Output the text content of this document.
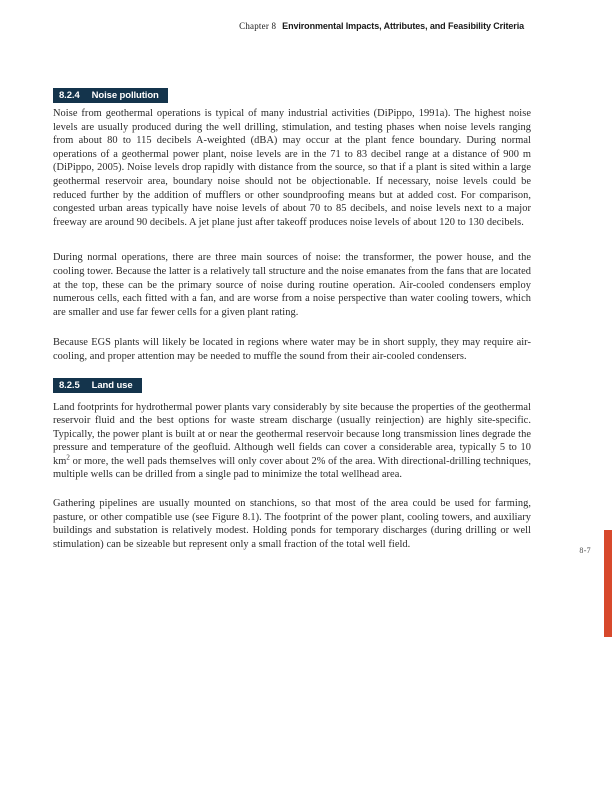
Chapter 8 Environmental Impacts, Attributes, and Feasibility Criteria
8.2.4 Noise pollution

Noise from geothermal operations is typical of many industrial activities (DiPippo, 1991a). The highest noise levels are usually produced during the well drilling, stimulation, and testing phases when noise levels ranging from about 80 to 115 decibels A-weighted (dBA) may occur at the plant fence boundary. During normal operations of a geothermal power plant, noise levels are in the 71 to 83 decibel range at a distance of 900 m (DiPippo, 2005). Noise levels drop rapidly with distance from the source, so that if a plant is sited within a large geothermal reservoir area, boundary noise should not be objectionable. If necessary, noise levels could be reduced further by the addition of mufflers or other soundproofing means but at added cost. For comparison, congested urban areas typically have noise levels of about 70 to 85 decibels, and noise levels next to a major freeway are around 90 decibels. A jet plane just after takeoff produces noise levels of about 120 to 130 decibels.

During normal operations, there are three main sources of noise: the transformer, the power house, and the cooling tower. Because the latter is a relatively tall structure and the noise emanates from the fans that are located at the top, these can be the primary source of noise during routine operation. Air-cooled condensers employ numerous cells, each fitted with a fan, and are worse from a noise perspective than water cooling towers, which are smaller and use far fewer cells for a given plant rating.

Because EGS plants will likely be located in regions where water may be in short supply, they may require air-cooling, and proper attention may be needed to muffle the sound from their air-cooled condensers.

8.2.5 Land use

Land footprints for hydrothermal power plants vary considerably by site because the properties of the geothermal reservoir fluid and the best options for waste stream discharge (usually reinjection) are highly site-specific. Typically, the power plant is built at or near the geothermal reservoir because long transmission lines degrade the pressure and temperature of the geofluid. Although well fields can cover a considerable area, typically 5 to 10 $km^2$ or more, the well pads themselves will only cover about 2% of the area. With directional-drilling techniques, multiple wells can be drilled from a single pad to minimize the total wellhead area.

Gathering pipelines are usually mounted on stanchions, so that most of the area could be used for farming, pasture, or other compatible use (see Figure 8.1). The footprint of the power plant, cooling towers, and auxiliary buildings and substation is relatively modest. Holding ponds for temporary discharges (during drilling or well stimulation) can be sizeable but represent only a small fraction of the total well field.

8-7
